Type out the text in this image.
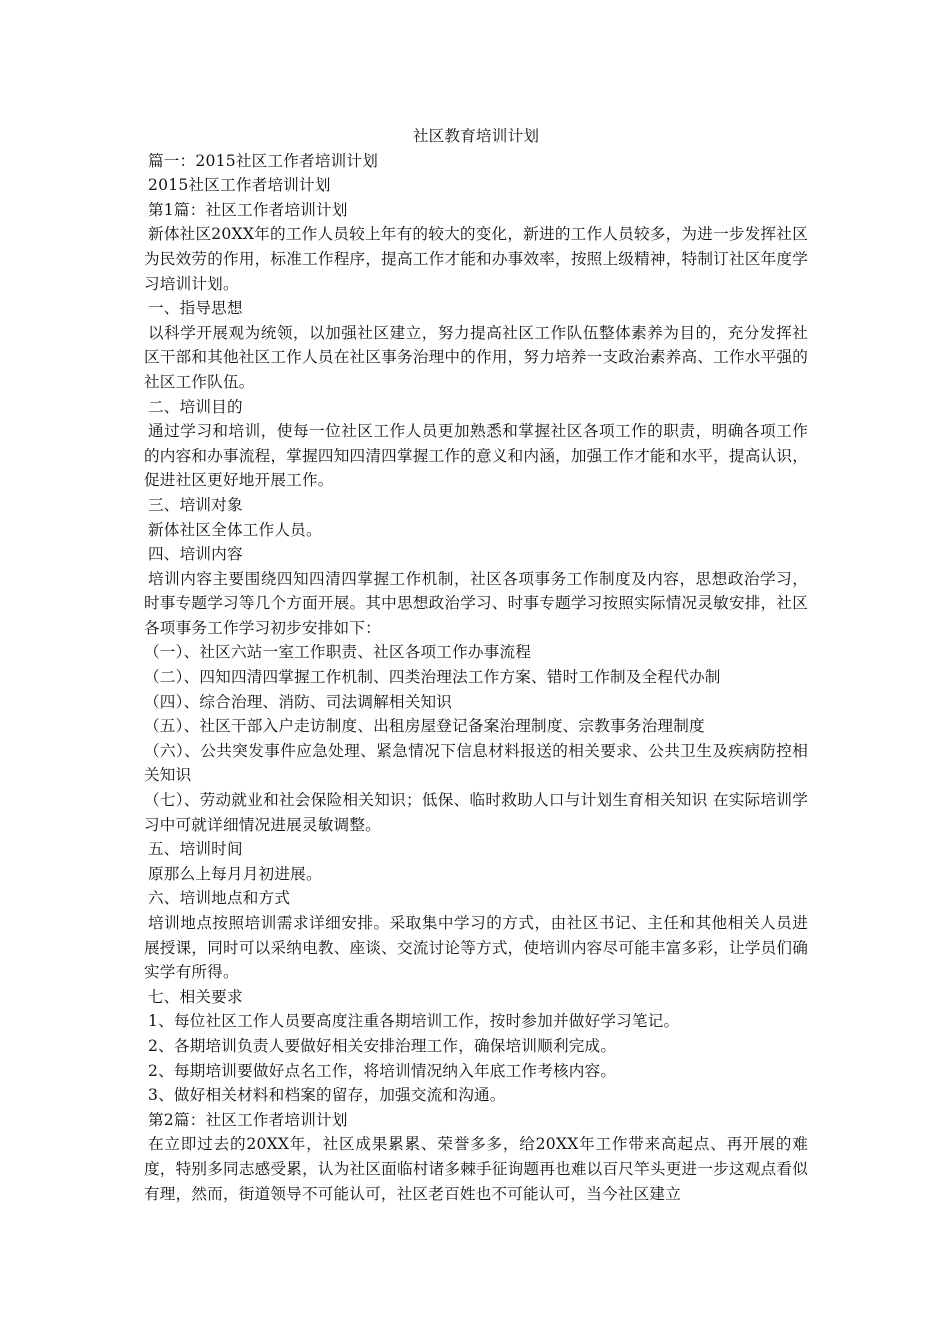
社区教育培训计划

篇一：2015社区工作者培训计划

2015社区工作者培训计划

第1篇：社区工作者培训计划

新体社区20XX年的工作人员较上年有的较大的变化，新进的工作人员较多，为进一步发挥社区为民效劳的作用，标准工作程序，提高工作才能和办事效率，按照上级精神，特制订社区年度学习培训计划。

一、指导思想

以科学开展观为统领，以加强社区建立，努力提高社区工作队伍整体素养为目的，充分发挥社区干部和其他社区工作人员在社区事务治理中的作用，努力培养一支政治素养高、工作水平强的社区工作队伍。

二、培训目的

通过学习和培训，使每一位社区工作人员更加熟悉和掌握社区各项工作的职责，明确各项工作的内容和办事流程，掌握四知四清四掌握工作的意义和内涵，加强工作才能和水平，提高认识，促进社区更好地开展工作。

三、培训对象

新体社区全体工作人员。

四、培训内容

培训内容主要围绕四知四清四掌握工作机制，社区各项事务工作制度及内容，思想政治学习，时事专题学习等几个方面开展。其中思想政治学习、时事专题学习按照实际情况灵敏安排，社区各项事务工作学习初步安排如下：

（一）、社区六站一室工作职责、社区各项工作办事流程

（二）、四知四清四掌握工作机制、四类治理法工作方案、错时工作制及全程代办制

（四）、综合治理、消防、司法调解相关知识

（五）、社区干部入户走访制度、出租房屋登记备案治理制度、宗教事务治理制度

（六）、公共突发事件应急处理、紧急情况下信息材料报送的相关要求、公共卫生及疾病防控相关知识

（七）、劳动就业和社会保险相关知识；低保、临时救助人口与计划生育相关知识 在实际培训学习中可就详细情况进展灵敏调整。

五、培训时间

原那么上每月月初进展。

六、培训地点和方式

培训地点按照培训需求详细安排。采取集中学习的方式，由社区书记、主任和其他相关人员进展授课，同时可以采纳电教、座谈、交流讨论等方式，使培训内容尽可能丰富多彩，让学员们确实学有所得。

七、相关要求

1、每位社区工作人员要高度注重各期培训工作，按时参加并做好学习笔记。

2、各期培训负责人要做好相关安排治理工作，确保培训顺利完成。

2、每期培训要做好点名工作，将培训情况纳入年底工作考核内容。

3、做好相关材料和档案的留存，加强交流和沟通。

第2篇：社区工作者培训计划

在立即过去的20XX年，社区成果累累、荣誉多多，给20XX年工作带来高起点、再开展的难度，特别多同志感受累，认为社区面临村诸多棘手征询题再也难以百尺竿头更进一步这观点看似有理，然而，街道领导不可能认可，社区老百姓也不可能认可，当今社区建立
